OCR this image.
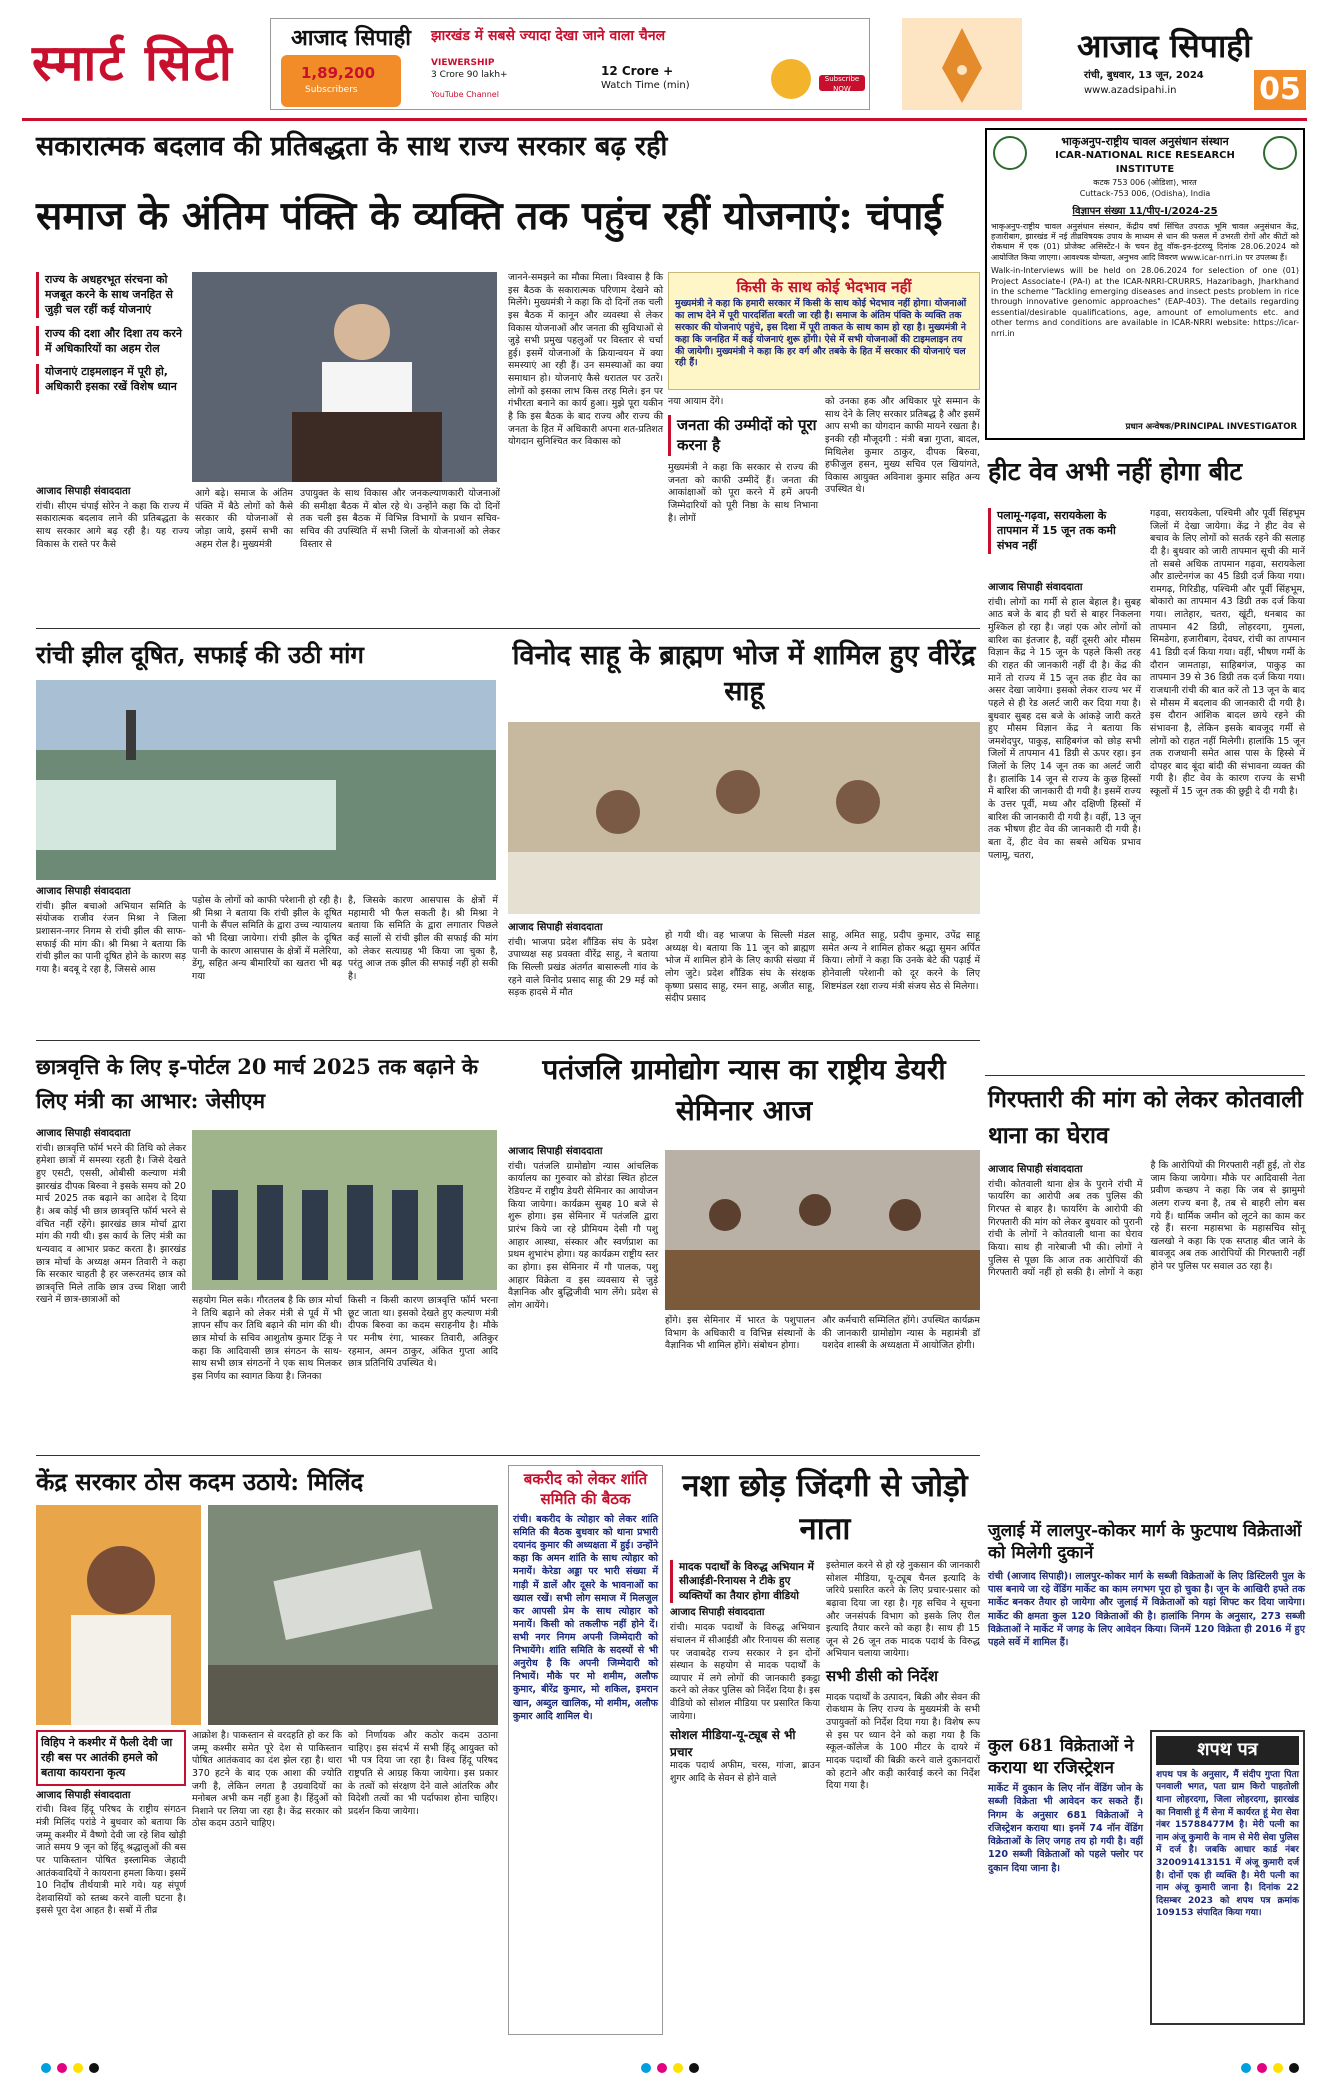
स्मार्ट सिटी	आजाद सिपाही झारखंड में सबसे ज्यादा देखा जाने वाला चैनल
1,89,200
Subscribers
VIEWERSHIP
3 Crore 90 lakh+
YouTube Channel
12 Crore +
Watch Time (min)
Subscribe NOW
आजाद सिपाही
रांची, बुधवार, 13 जून, 2024
www.azadsipahi.in	05
सकारात्मक बदलाव की प्रतिबद्धता के साथ राज्य सरकार बढ़ रही
समाज के अंतिम पंक्ति के व्यक्ति तक पहुंच रहीं योजनाएं: चंपाई
राज्य के अधहरभूत संरचना को मजबूत करने के साथ जनहित से जुड़ी चल रहीं कई योजनाएं
राज्य की दशा और दिशा तय करने में अधिकारियों का अहम रोल
योजनाएं टाइमलाइन में पूरी हो, अधिकारी इसका रखें विशेष ध्यान
आजाद सिपाही संवाददाता

रांची। सीएम चंपाई सोरेन ने कहा कि राज्य में सकारात्मक बदलाव लाने की प्रतिबद्धता के साथ सरकार आगे बढ़ रही है। यह राज्य विकास के रास्ते पर कैसे

आगे बढ़े। समाज के अंतिम पंक्ति में बैठे लोगों को कैसे सरकार की योजनाओं से जोड़ा जाये, इसमें सभी का अहम रोल है। मुख्यमंत्री

उपायुक्त के साथ विकास और जनकल्याणकारी योजनाओं की समीक्षा बैठक में बोल रहे थे। उन्होंने कहा कि दो दिनों तक चली इस बैठक में विभिन्न विभागों के प्रधान सचिव-सचिव की उपस्थिति में सभी जिलों के योजनाओं को लेकर विस्तार से

जानने-समझने का मौका मिला। विश्वास है कि इस बैठक के सकारात्मक परिणाम देखने को मिलेंगे। मुख्यमंत्री ने कहा कि दो दिनों तक चली इस बैठक में कानून और व्यवस्था से लेकर विकास योजनाओं और जनता की सुविधाओं से जुड़े सभी प्रमुख पहलुओं पर विस्तार से चर्चा हुई। इसमें योजनाओं के क्रियान्वयन में क्या समस्याएं आ रही हैं। उन समस्याओं का क्या समाधान हो। योजनाएं कैसे धरातल पर उतरें। लोगों को इसका लाभ किस तरह मिले। इन पर गंभीरता बनाने का कार्य हुआ। मुझे पूरा यकीन है कि इस बैठक के बाद राज्य और राज्य की जनता के हित में अधिकारी अपना शत-प्रतिशत योगदान सुनिश्चित कर विकास को

किसी के साथ कोई भेदभाव नहीं
मुख्यमंत्री ने कहा कि हमारी सरकार में किसी के साथ कोई भेदभाव नहीं होगा। योजनाओं का लाभ देने में पूरी पारदर्शिता बरती जा रही है। समाज के अंतिम पंक्ति के व्यक्ति तक सरकार की योजनाएं पहुंचे, इस दिशा में पूरी ताकत के साथ काम हो रहा है। मुख्यमंत्री ने कहा कि जनहित में कई योजनाएं शुरू होंगी। ऐसे में सभी योजनाओं की टाइमलाइन तय की जायेगी। मुख्यमंत्री ने कहा कि हर वर्ग और तबके के हित में सरकार की योजनाएं चल रही हैं।

नया आयाम देंगे।

जनता की उम्मीदों को पूरा करना है

मुख्यमंत्री ने कहा कि सरकार से राज्य की जनता को काफी उम्मीदें हैं। जनता की आकांक्षाओं को पूरा करने में हमें अपनी जिम्मेदारियों को पूरी निष्ठा के साथ निभाना है। लोगों

को उनका हक और अधिकार पूरे सम्मान के साथ देने के लिए सरकार प्रतिबद्ध है और इसमें आप सभी का योगदान काफी मायने रखता है। इनकी रही मौजूदगी : मंत्री बन्ना गुप्ता, बादल, मिथिलेश कुमार ठाकुर, दीपक बिरुवा, हफीजुल हसन, मुख्य सचिव एल खियांगते, विकास आयुक्त अविनाश कुमार सहित अन्य उपस्थित थे।

भाकृअनुप-राष्ट्रीय चावल अनुसंधान संस्थान
ICAR-NATIONAL RICE RESEARCH INSTITUTE
कटक 753 006 (ओडिशा), भारत
Cuttack-753 006, (Odisha), India
विज्ञापन संख्या 11/पीए-I/2024-25
भाकृअनुप-राष्ट्रीय चावल अनुसंधान संस्थान, केंद्रीय वर्षा सिंचित उपराऊ भूमि चावल अनुसंधान केंद्र, हजारीबाग, झारखंड में नई तीव्रविषयक उपाय के माध्यम से धान की फसल में उभरती रोगों और कीटों को रोकथाम में एक (01) प्रोजेक्ट असिस्टेंट-I के चयन हेतु वॉक-इन-इंटरव्यू दिनांक 28.06.2024 को आयोजित किया जाएगा। आवश्यक योग्यता, अनुभव आदि विवरण www.icar-nrri.in पर उपलब्ध हैं।
Walk-in-Interviews will be held on 28.06.2024 for selection of one (01) Project Associate-I (PA-I) at the ICAR-NRRI-CRURRS, Hazaribagh, Jharkhand in the scheme "Tackling emerging diseases and insect pests problem in rice through innovative genomic approaches" (EAP-403). The details regarding essential/desirable qualifications, age, amount of emoluments etc. and other terms and conditions are available in ICAR-NRRI website: https://icar-nrri.in
प्रधान अन्वेषक/PRINCIPAL INVESTIGATOR
हीट वेव अभी नहीं होगा बीट
पलामू-गढ़वा, सरायकेला के तापमान में 15 जून तक कमी संभव नहीं
आजाद सिपाही संवाददाता

रांची। लोगों का गर्मी से हाल बेहाल है। सुबह आठ बजे के बाद ही घरों से बाहर निकलना मुश्किल हो रहा है। जहां एक ओर लोगों को बारिश का इंतजार है, वहीं दूसरी ओर मौसम विज्ञान केंद्र ने 15 जून के पहले किसी तरह की राहत की जानकारी नहीं दी है। केंद्र की मानें तो राज्य में 15 जून तक हीट वेव का असर देखा जायेगा। इसको लेकर राज्य भर में पहले से ही रेड अलर्ट जारी कर दिया गया है। बुधवार सुबह दस बजे के आंकड़े जारी करते हुए मौसम विज्ञान केंद्र ने बताया कि जमशेदपुर, पाकुड़, साहिबगंज को छोड़ सभी जिलों में तापमान 41 डिग्री से ऊपर रहा। इन जिलों के लिए 14 जून तक का अलर्ट जारी है। हालांकि 14 जून से राज्य के कुछ हिस्सों में बारिश की जानकारी दी गयी है। इसमें राज्य के उत्तर पूर्वी, मध्य और दक्षिणी हिस्सों में बारिश की जानकारी दी गयी है। वहीं, 13 जून तक भीषण हीट वेव की जानकारी दी गयी है। बता दें, हीट वेव का सबसे अधिक प्रभाव पलामू, चतरा,

गढ़वा, सरायकेला, पश्चिमी और पूर्वी सिंहभूम जिलों में देखा जायेगा। केंद्र ने हीट वेव से बचाव के लिए लोगों को सतर्क रहने की सलाह दी है। बुधवार को जारी तापमान सूची की मानें तो सबसे अधिक तापमान गढ़वा, सरायकेला और डाल्टेनगंज का 45 डिग्री दर्ज किया गया। रामगढ़, गिरिडीह, पश्चिमी और पूर्वी सिंहभूम, बोकारो का तापमान 43 डिग्री तक दर्ज किया गया। लातेहार, चतरा, खूंटी, धनबाद का तापमान 42 डिग्री, लोहरदगा, गुमला, सिमडेगा, हजारीबाग, देवघर, रांची का तापमान 41 डिग्री दर्ज किया गया। वहीं, भीषण गर्मी के दौरान जामताड़ा, साहिबगंज, पाकुड़ का तापमान 39 से 36 डिग्री तक दर्ज किया गया। राजधानी रांची की बात करें तो 13 जून के बाद से मौसम में बदलाव की जानकारी दी गयी है। इस दौरान आंशिक बादल छाये रहने की संभावना है, लेकिन इसके बावजूद गर्मी से लोगों को राहत नहीं मिलेगी। हालांकि 15 जून तक राजधानी समेत आस पास के हिस्से में दोपहर बाद बूंदा बांदी की संभावना व्यक्त की गयी है। हीट वेव के कारण राज्य के सभी स्कूलों में 15 जून तक की छुट्टी दे दी गयी है।

रांची झील दूषित, सफाई की उठी मांग
आजाद सिपाही संवाददाता

रांची। झील बचाओ अभियान समिति के संयोजक राजीव रंजन मिश्रा ने जिला प्रशासन-नगर निगम से रांची झील की साफ-सफाई की मांग की। श्री मिश्रा ने बताया कि रांची झील का पानी दूषित होने के कारण सड़ गया है। बदबू दे रहा है, जिससे आस

पड़ोस के लोगों को काफी परेशानी हो रही है। श्री मिश्रा ने बताया कि रांची झील के दूषित पानी के सैंपल समिति के द्वारा उच्च न्यायालय को भी दिखा जायेगा। रांची झील के दूषित पानी के कारण आसपास के क्षेत्रों में मलेरिया, डेंगू, सहित अन्य बीमारियों का खतरा भी बढ़ गया

है, जिसके कारण आसपास के क्षेत्रों में महामारी भी फैल सकती है। श्री मिश्रा ने बताया कि समिति के द्वारा लगातार पिछले कई सालों से रांची झील की सफाई की मांग को लेकर सत्याग्रह भी किया जा चुका है, परंतु आज तक झील की सफाई नहीं हो सकी है।

विनोद साहू के ब्राह्मण भोज में शामिल हुए वीरेंद्र साहू
आजाद सिपाही संवाददाता

रांची। भाजपा प्रदेश शौंडिक संघ के प्रदेश उपाध्यक्ष सह प्रवक्ता वीरेंद्र साहू, ने बताया कि सिल्ली प्रखंड अंतर्गत बासारूली गांव के रहने वाले विनोद प्रसाद साहू की 29 मई को सड़क हादसे में मौत

हो गयी थी। वह भाजपा के सिल्ली मंडल अध्यक्ष थे। बताया कि 11 जून को ब्राह्मण भोज में शामिल होने के लिए काफी संख्या में लोग जुटे। प्रदेश शौंडिक संघ के संरक्षक कृष्णा प्रसाद साहू, रमन साहू, अजीत साहू, संदीप प्रसाद

साहू, अमित साहू, प्रदीप कुमार, उपेंद्र साहू समेत अन्य ने शामिल होकर श्रद्धा सुमन अर्पित किया। लोगों ने कहा कि उनके बेटे की पढ़ाई में होनेवाली परेशानी को दूर करने के लिए शिष्टमंडल रक्षा राज्य मंत्री संजय सेठ से मिलेगा।

छात्रवृत्ति के लिए इ-पोर्टल 20 मार्च 2025 तक बढ़ाने के लिए मंत्री का आभार: जेसीएम
आजाद सिपाही संवाददाता

रांची। छात्रवृत्ति फॉर्म भरने की तिथि को लेकर हमेशा छात्रों में समस्या रहती है। जिसे देखते हुए एसटी, एससी, ओबीसी कल्याण मंत्री झारखंड दीपक बिरुवा ने इसके समय को 20 मार्च 2025 तक बढ़ाने का आदेश दे दिया है। अब कोई भी छात्र छात्रवृत्ति फॉर्म भरने से वंचित नहीं रहेंगे। झारखंड छात्र मोर्चा द्वारा मांग की गयी थी। इस कार्य के लिए मंत्री का धन्यवाद व आभार प्रकट करता है। झारखंड छात्र मोर्चा के अध्यक्ष अमन तिवारी ने कहा कि सरकार चाहती है हर जरूरतमंद छात्र को छात्रवृत्ति मिले ताकि छात्र उच्च शिक्षा जारी रखने में छात्र-छात्राओं को	सहयोग मिल सके। गौरतलब है कि छात्र मोर्चा ने तिथि बढ़ाने को लेकर मंत्री से पूर्व में भी ज्ञापन सौंप कर तिथि बढ़ाने की मांग की थी। छात्र मोर्चा के सचिव आशुतोष कुमार टिंकू ने कहा कि आदिवासी छात्र संगठन के साथ-साथ सभी छात्र संगठनों ने एक साथ मिलकर इस निर्णय का स्वागत किया है। जिनका

किसी न किसी कारण छात्रवृत्ति फॉर्म भरना छूट जाता था। इसको देखते हुए कल्याण मंत्री दीपक बिरुवा का कदम सराहनीय है। मौके पर मनीष रंगा, भास्कर तिवारी, अतिकुर रहमान, अमन ठाकुर, अंकित गुप्ता आदि छात्र प्रतिनिधि उपस्थित थे।

पतंजलि ग्रामोद्योग न्यास का राष्ट्रीय डेयरी सेमिनार आज
आजाद सिपाही संवाददाता

रांची। पतंजलि ग्रामोद्योग न्यास आंचलिक कार्यालय का गुरुवार को डोरंडा स्थित होटल रेडियन्ट में राष्ट्रीय डेयरी सेमिनार का आयोजन किया जायेगा। कार्यक्रम सुबह 10 बजे से शुरू होगा। इस सेमिनार में पतंजलि द्वारा प्रारंभ किये जा रहे प्रीमियम देसी गौ पशु आहार आस्था, संस्कार और स्वर्णप्राश का प्रथम शुभारंभ होगा। यह कार्यक्रम राष्ट्रीय स्तर का होगा। इस सेमिनार में गौ पालक, पशु आहार विक्रेता व इस व्यवसाय से जुड़े वैज्ञानिक और बुद्धिजीवी भाग लेंगे। प्रदेश से लोग आयेंगे।

होंगे। इस सेमिनार में भारत के पशुपालन विभाग के अधिकारी व विभिन्न संस्थानों के वैज्ञानिक भी शामिल होंगे। संबोधन होगा।

और कर्मचारी सम्मिलित होंगे। उपस्थित कार्यक्रम की जानकारी ग्रामोद्योग न्यास के महामंत्री डॉ यशदेव शास्त्री के अध्यक्षता में आयोजित होगी।

गिरफ्तारी की मांग को लेकर कोतवाली थाना का घेराव
आजाद सिपाही संवाददाता

रांची। कोतवाली थाना क्षेत्र के पुराने रांची में फायरिंग का आरोपी अब तक पुलिस की गिरफ्त से बाहर है। फायरिंग के आरोपी की गिरफ्तारी की मांग को लेकर बुधवार को पुरानी रांची के लोगों ने कोतवाली थाना का घेराव किया। साथ ही नारेबाजी भी की। लोगों ने पुलिस से पूछा कि आज तक आरोपियों की गिरफ्तारी क्यों नहीं हो सकी है। लोगों ने कहा है कि आरोपियों की गिरफ्तारी नहीं हुई, तो रोड जाम किया जायेगा। मौके पर आदिवासी नेता प्रवीण कच्छप ने कहा कि जब से झामुमो अलग राज्य बना है, तब से बाहरी लोग बस गये हैं। धार्मिक जमीन को लूटने का काम कर रहे हैं। सरना महासभा के महासचिव सोनू खलखो ने कहा कि एक सप्ताह बीत जाने के बावजूद अब तक आरोपियों की गिरफ्तारी नहीं होने पर पुलिस पर सवाल उठ रहा है।

केंद्र सरकार ठोस कदम उठाये: मिलिंद
विहिप ने कश्मीर में फैली देवी जा रही बस पर आतंकी हमले को बताया कायराना कृत्य
आजाद सिपाही संवाददाता

रांची। विश्व हिंदू परिषद के राष्ट्रीय संगठन मंत्री मिलिंद परांडे ने बुधवार को बताया कि जम्मू कश्मीर में वैष्णो देवी जा रहे शिव खोड़ी जाते समय 9 जून को हिंदू श्रद्धालुओं की बस पर पाकिस्तान पोषित इस्लामिक जेहादी आतंकवादियों ने कायराना हमला किया। इसमें 10 निर्दोष तीर्थयात्री मारे गये। यह संपूर्ण देशवासियों को स्तब्ध करने वाली घटना है। इससे पूरा देश आहत है। सबों में तीव्र

आक्रोश है। पाकस्तान से वरदहति हो कर कि जम्मू कश्मीर समेत पूरे देश से पाकिस्तान पोषित आतंकवाद का दंश झेल रहा है। धारा 370 हटने के बाद एक आशा की ज्योति जगी है, लेकिन लगता है उग्रवादियों का मनोबल अभी कम नहीं हुआ है। हिंदुओं को निशाने पर लिया जा रहा है। केंद्र सरकार को ठोस कदम उठाने चाहिए।

को निर्णायक और कठोर कदम उठाना चाहिए। इस संदर्भ में सभी हिंदू आयुक्त को भी पत्र दिया जा रहा है। विश्व हिंदू परिषद राष्ट्रपति से आग्रह किया जायेगा। इस प्रकार के तत्वों को संरक्षण देने वाले आंतरिक और विदेशी तत्वों का भी पर्दाफाश होना चाहिए। प्रदर्शन किया जायेगा।

बकरीद को लेकर शांति समिति की बैठक
रांची। बकरीद के त्योहार को लेकर शांति समिति की बैठक बुधवार को थाना प्रभारी दयानंद कुमार की अध्यक्षता में हुई। उन्होंने कहा कि अमन शांति के साथ त्योहार को मनायें। केरेडा अड्डा पर भारी संख्या में गाड़ी में डालें और दूसरे के भावनाओं का ख्याल रखें। सभी लोग समाज में मिलजुल कर आपसी प्रेम के साथ त्योहार को मनायें। किसी को तकलीफ नहीं होने दें। सभी नगर निगम अपनी जिम्मेदारी को निभायेंगे। शांति समिति के सदस्यों से भी अनुरोध है कि अपनी जिम्मेदारी को निभायें। मौके पर मो शमीम, अलौफ कुमार, बीरेंद्र कुमार, मो शकिल, इमरान खान, अब्दुल खालिक, मो शमीम, अलौफ कुमार आदि शामिल थे।
नशा छोड़ जिंदगी से जोड़ो नाता
मादक पदार्थों के विरुद्ध अभियान में सीआईडी-रिनायस ने टीके हुए व्यक्तियों का तैयार होगा वीडियो
आजाद सिपाही संवाददाता

रांची। मादक पदार्थों के विरुद्ध अभियान संचालन में सीआईडी और रिनायस की सलाह पर जवाबदेह राज्य सरकार ने इन दोनों संस्थान के सहयोग से मादक पदार्थों के व्यापार में लगे लोगों की जानकारी इकट्ठा करने को लेकर पुलिस को निर्देश दिया है। इस वीडियो को सोशल मीडिया पर प्रसारित किया जायेगा।

सोशल मीडिया-यू-ट्यूब से भी प्रचार

मादक पदार्थ अफीम, चरस, गांजा, ब्राउन शुगर आदि के सेवन से होने वाले

इस्तेमाल करने से हो रहे नुकसान की जानकारी सोशल मीडिया, यू-ट्यूब चैनल इत्यादि के जरिये प्रसारित करने के लिए प्रचार-प्रसार को बढ़ावा दिया जा रहा है। गृह सचिव ने सूचना और जनसंपर्क विभाग को इसके लिए रील इत्यादि तैयार करने को कहा है। साथ ही 15 जून से 26 जून तक मादक पदार्थ के विरुद्ध अभियान चलाया जायेगा।

सभी डीसी को निर्देश

मादक पदार्थों के उत्पादन, बिक्री और सेवन की रोकथाम के लिए राज्य के मुख्यमंत्री के सभी उपायुक्तों को निर्देश दिया गया है। विशेष रूप से इस पर ध्यान देने को कहा गया है कि स्कूल-कॉलेज के 100 मीटर के दायरे में मादक पदार्थों की बिक्री करने वाले दुकानदारों को हटाने और कड़ी कार्रवाई करने का निर्देश दिया गया है।

जुलाई में लालपुर-कोकर मार्ग के फुटपाथ विक्रेताओं को मिलेगी दुकानें
रांची (आजाद सिपाही)। लालपुर-कोकर मार्ग के सब्जी विक्रेताओं के लिए डिस्टिलरी पुल के पास बनाये जा रहे वेंडिंग मार्केट का काम लगभग पूरा हो चुका है। जून के आखिरी हफ्ते तक मार्केट बनकर तैयार हो जायेगा और जुलाई में विक्रेताओं को यहां शिफ्ट कर दिया जायेगा। मार्केट की क्षमता कुल 120 विक्रेताओं की है। हालांकि निगम के अनुसार, 273 सब्जी विक्रेताओं ने मार्केट में जगह के लिए आवेदन किया। जिनमें 120 विक्रेता ही 2016 में हुए पहले सर्वे में शामिल हैं।
कुल 681 विक्रेताओं ने कराया था रजिस्ट्रेशन
मार्केट में दुकान के लिए नॉन वेंडिंग जोन के सब्जी विक्रेता भी आवेदन कर सकते हैं। निगम के अनुसार 681 विक्रेताओं ने रजिस्ट्रेशन कराया था। इनमें 74 नॉन वेंडिंग विक्रेताओं के लिए जगह तय हो गयी है। वहीं 120 सब्जी विक्रेताओं को पहले फ्लोर पर दुकान दिया जाना है।
शपथ पत्र
शपथ पत्र के अनुसार, मैं संदीप गुप्ता पिता पनवाली भगत, पता ग्राम किरो पाहतोली थाना लोहरदगा, जिला लोहरदगा, झारखंड का निवासी हूं मैं सेना में कार्यरत हूं मेरा सेवा नंबर 15788477M है। मेरी पत्नी का नाम अंजू कुमारी के नाम से मेरी सेवा पुलिस में दर्ज है। जबकि आधार कार्ड नंबर 320091413151 में अंजू कुमारी दर्ज है। दोनों एक ही व्यक्ति है। मेरी पत्नी का नाम अंजू कुमारी जाना है। दिनांक 22 दिसम्बर 2023 को शपथ पत्र क्रमांक 109153 संपादित किया गया।
